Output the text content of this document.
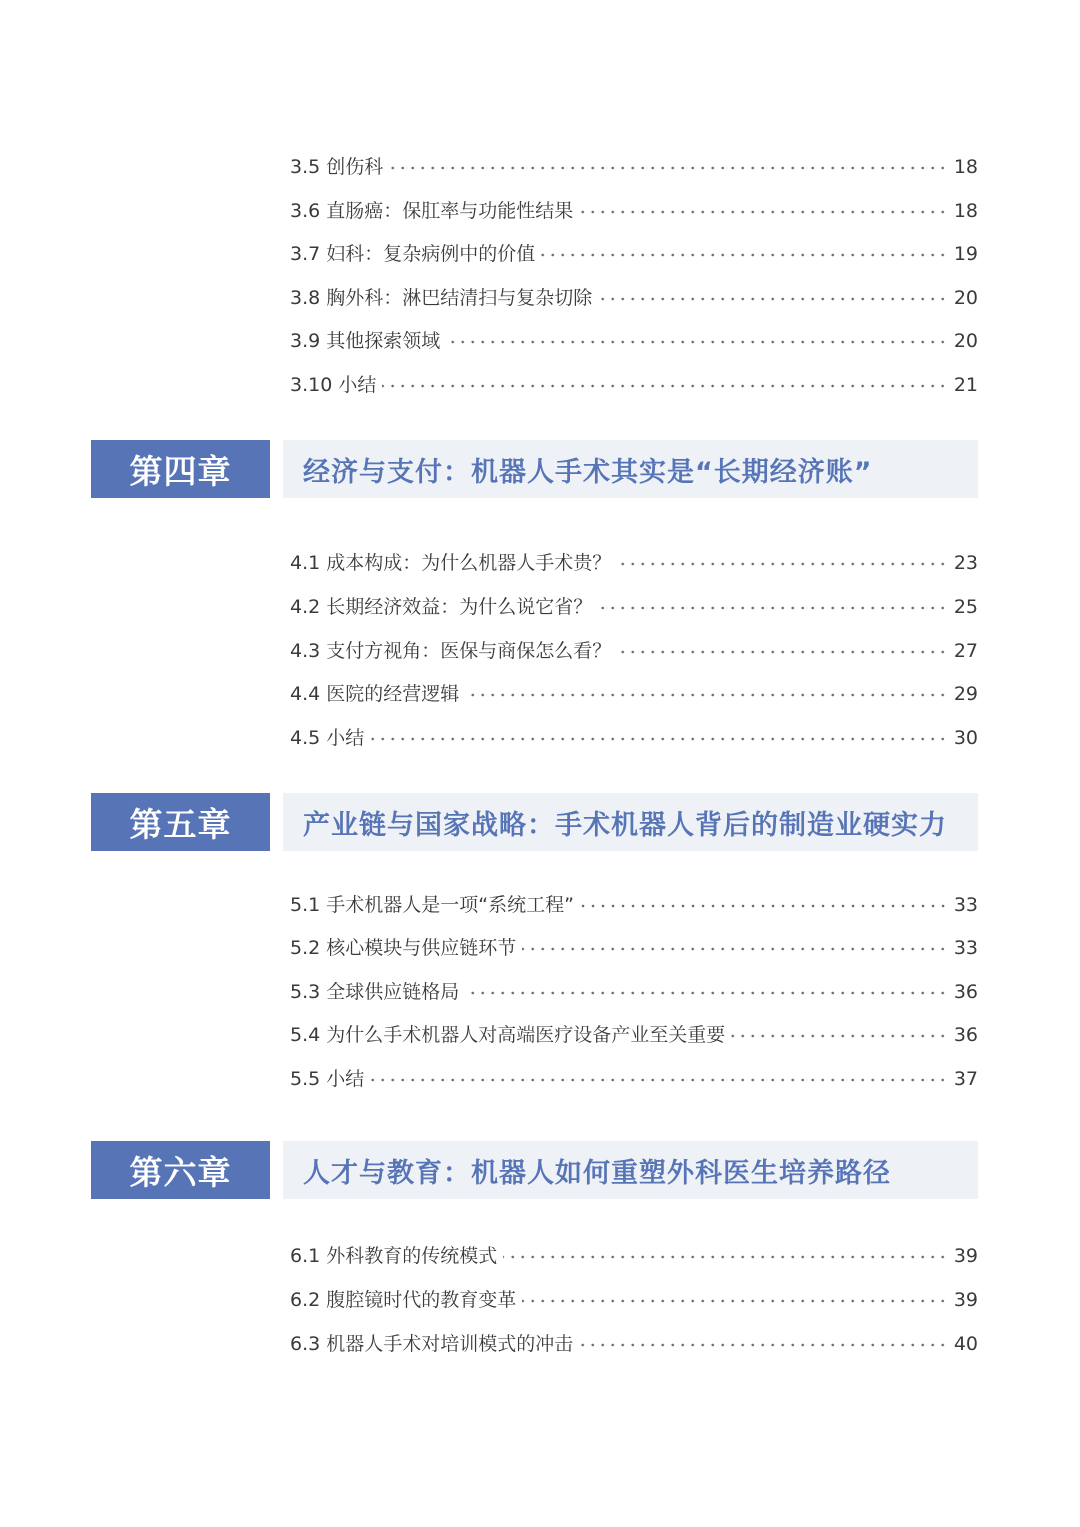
3.5 创伤科	18
3.6 直肠癌：保肛率与功能性结果	18
3.7 妇科：复杂病例中的价值	19
3.8 胸外科：淋巴结清扫与复杂切除	20
3.9 其他探索领域	20
3.10 小结	21
第四章	经济与支付：机器人手术其实是“长期经济账”
4.1 成本构成：为什么机器人手术贵？	23
4.2 长期经济效益：为什么说它省？	25
4.3 支付方视角：医保与商保怎么看？	27
4.4 医院的经营逻辑	29
4.5 小结	30
第五章	产业链与国家战略：手术机器人背后的制造业硬实力
5.1 手术机器人是一项“系统工程”	33
5.2 核心模块与供应链环节	33
5.3 全球供应链格局	36
5.4 为什么手术机器人对高端医疗设备产业至关重要	36
5.5 小结	37
第六章	人才与教育：机器人如何重塑外科医生培养路径
6.1 外科教育的传统模式	39
6.2 腹腔镜时代的教育变革	39
6.3 机器人手术对培训模式的冲击	40
